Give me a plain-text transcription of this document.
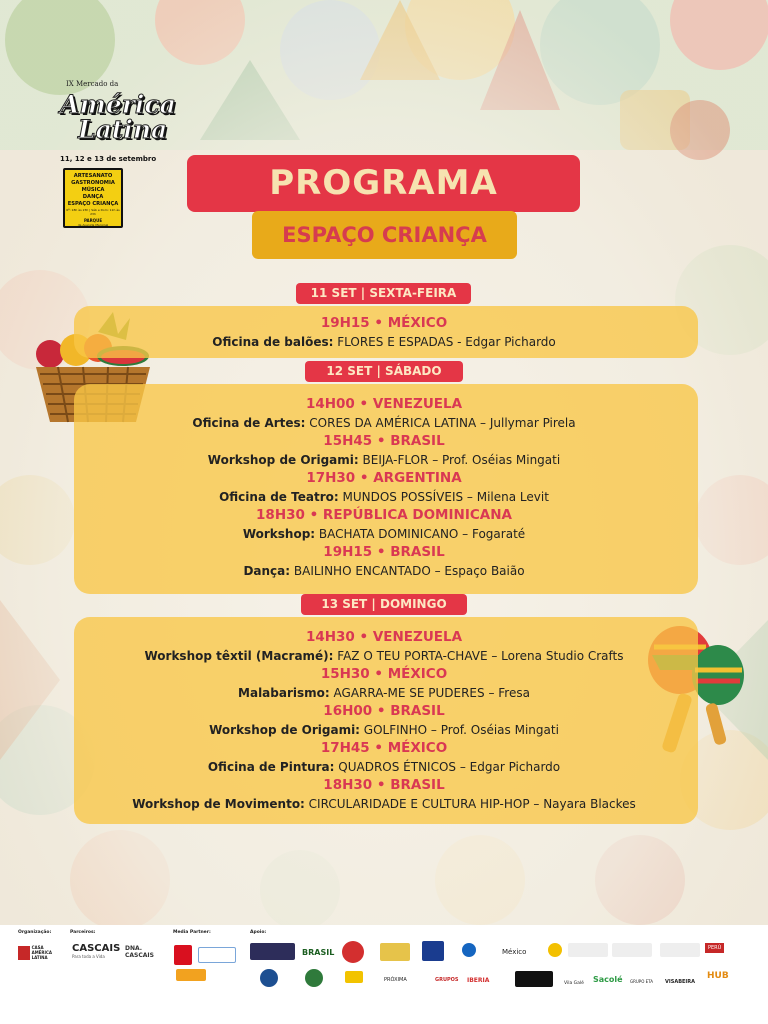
IX Mercado da
América
Latina
11, 12 e 13 de setembro
ARTESANATO
GASTRONOMIA
MÚSICA
DANÇA
ESPAÇO CRIANÇA
6ª: 18h às 23h | Sáb e Dom: 11h às 23h
PARQUE
da Avenida Marginal
PROGRAMA
ESPAÇO CRIANÇA
11 SET | SEXTA-FEIRA
19H15 • MÉXICO
Oficina de balões: FLORES E ESPADAS - Edgar Pichardo
12 SET | SÁBADO
14H00 • VENEZUELA
Oficina de Artes: CORES DA AMÉRICA LATINA – Jullymar Pirela
15H45 • BRASIL
Workshop de Origami: BEIJA-FLOR – Prof. Oséias Mingati
17H30 • ARGENTINA
Oficina de Teatro: MUNDOS POSSÍVEIS – Milena Levit
18H30 • REPÚBLICA DOMINICANA
Workshop: BACHATA DOMINICANO – Fogaraté
19H15 • BRASIL
Dança: BAILINHO ENCANTADO – Espaço Baião
13 SET | DOMINGO
14H30 • VENEZUELA
Workshop têxtil (Macramé): FAZ O TEU PORTA-CHAVE – Lorena Studio Crafts
15H30 • MÉXICO
Malabarismo: AGARRA-ME SE PUDERES – Fresa
16H00 • BRASIL
Workshop de Origami: GOLFINHO – Prof. Oséias Mingati
17H45 • MÉXICO
Oficina de Pintura: QUADROS ÉTNICOS – Edgar Pichardo
18H30 • BRASIL
Workshop de Movimento: CIRCULARIDADE E CULTURA HIP-HOP – Nayara Blackes
Organização:	Parceiros:	Media Partner:	Apoio:
CASA AMÉRICA LATINA
CASCAIS
Para toda a Vida
DNA. CASCAIS	BRASIL	México	PERÚ
PRÓXIMA	GRUPOS IBERIA	Vila Galé Sacolé GRUPO ETA VISABEIRA
HUB
